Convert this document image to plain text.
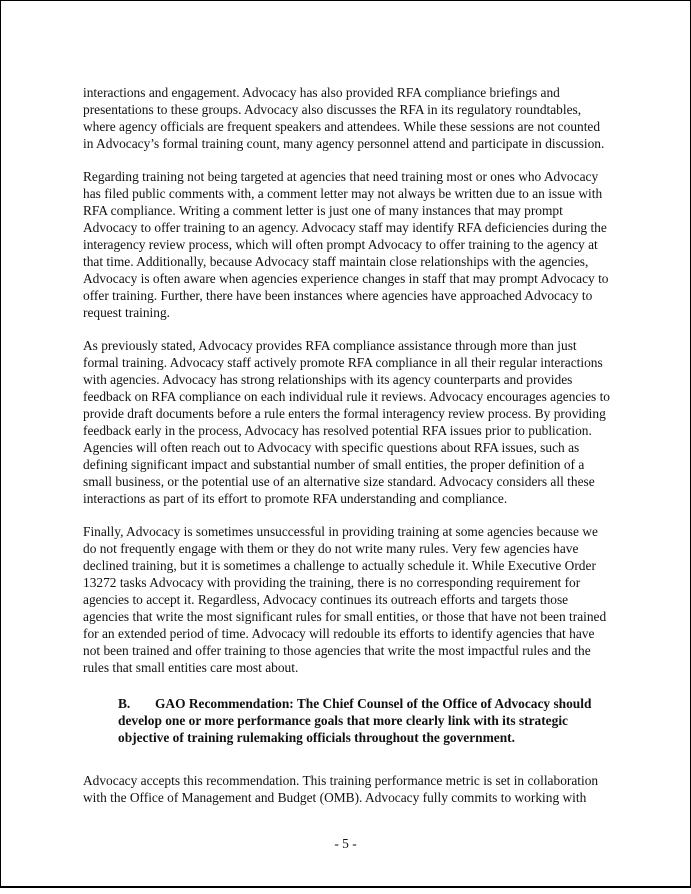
interactions and engagement. Advocacy has also provided RFA compliance briefings and presentations to these groups. Advocacy also discusses the RFA in its regulatory roundtables, where agency officials are frequent speakers and attendees. While these sessions are not counted in Advocacy’s formal training count, many agency personnel attend and participate in discussion.

Regarding training not being targeted at agencies that need training most or ones who Advocacy has filed public comments with, a comment letter may not always be written due to an issue with RFA compliance. Writing a comment letter is just one of many instances that may prompt Advocacy to offer training to an agency. Advocacy staff may identify RFA deficiencies during the interagency review process, which will often prompt Advocacy to offer training to the agency at that time. Additionally, because Advocacy staff maintain close relationships with the agencies, Advocacy is often aware when agencies experience changes in staff that may prompt Advocacy to offer training. Further, there have been instances where agencies have approached Advocacy to request training.

As previously stated, Advocacy provides RFA compliance assistance through more than just formal training. Advocacy staff actively promote RFA compliance in all their regular interactions with agencies. Advocacy has strong relationships with its agency counterparts and provides feedback on RFA compliance on each individual rule it reviews. Advocacy encourages agencies to provide draft documents before a rule enters the formal interagency review process. By providing feedback early in the process, Advocacy has resolved potential RFA issues prior to publication. Agencies will often reach out to Advocacy with specific questions about RFA issues, such as defining significant impact and substantial number of small entities, the proper definition of a small business, or the potential use of an alternative size standard. Advocacy considers all these interactions as part of its effort to promote RFA understanding and compliance.

Finally, Advocacy is sometimes unsuccessful in providing training at some agencies because we do not frequently engage with them or they do not write many rules. Very few agencies have declined training, but it is sometimes a challenge to actually schedule it. While Executive Order 13272 tasks Advocacy with providing the training, there is no corresponding requirement for agencies to accept it. Regardless, Advocacy continues its outreach efforts and targets those agencies that write the most significant rules for small entities, or those that have not been trained for an extended period of time. Advocacy will redouble its efforts to identify agencies that have not been trained and offer training to those agencies that write the most impactful rules and the rules that small entities care most about.

B. GAO Recommendation: The Chief Counsel of the Office of Advocacy should develop one or more performance goals that more clearly link with its strategic objective of training rulemaking officials throughout the government.

Advocacy accepts this recommendation. This training performance metric is set in collaboration with the Office of Management and Budget (OMB). Advocacy fully commits to working with

- 5 -
